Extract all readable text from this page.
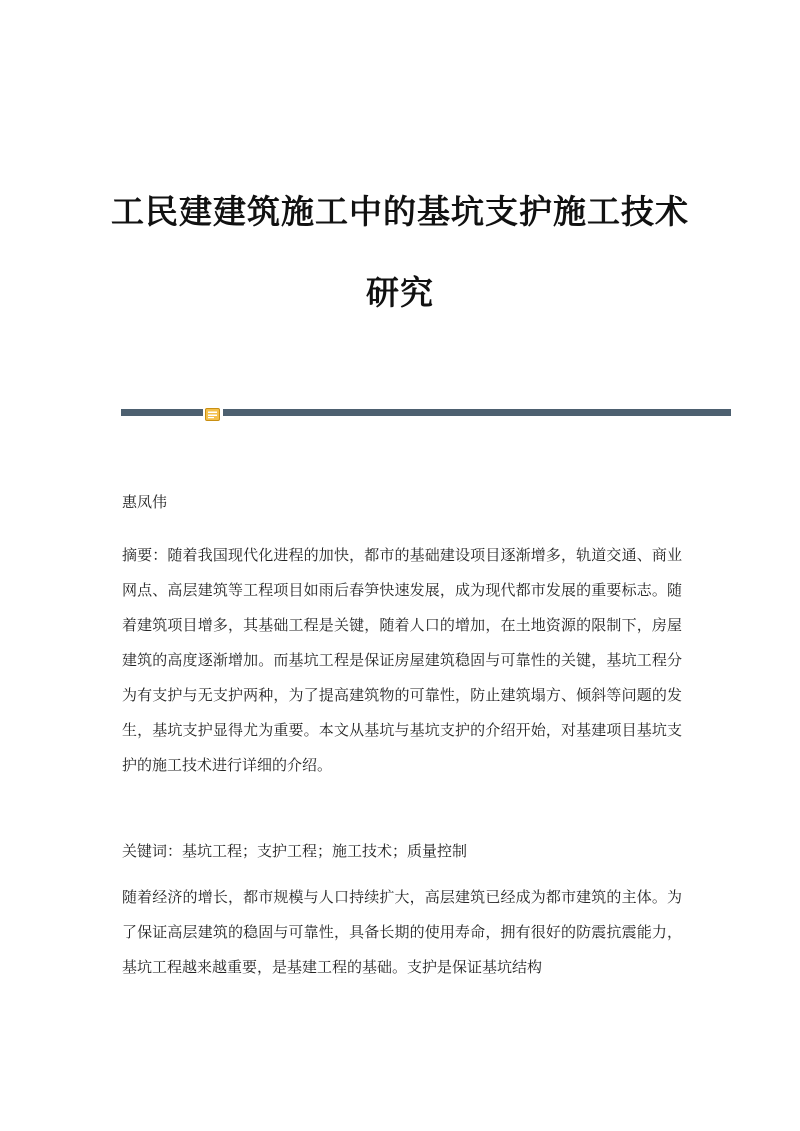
工民建建筑施工中的基坑支护施工技术
研究

惠凤伟

摘要：随着我国现代化进程的加快，都市的基础建设项目逐渐增多，轨道交通、商业网点、高层建筑等工程项目如雨后春笋快速发展，成为现代都市发展的重要标志。随着建筑项目增多，其基础工程是关键，随着人口的增加，在土地资源的限制下，房屋建筑的高度逐渐增加。而基坑工程是保证房屋建筑稳固与可靠性的关键，基坑工程分为有支护与无支护两种，为了提高建筑物的可靠性，防止建筑塌方、倾斜等问题的发生，基坑支护显得尤为重要。本文从基坑与基坑支护的介绍开始，对基建项目基坑支护的施工技术进行详细的介绍。

关键词：基坑工程；支护工程；施工技术；质量控制

随着经济的增长，都市规模与人口持续扩大，高层建筑已经成为都市建筑的主体。为了保证高层建筑的稳固与可靠性，具备长期的使用寿命，拥有很好的防震抗震能力，基坑工程越来越重要，是基建工程的基础。支护是保证基坑结构
